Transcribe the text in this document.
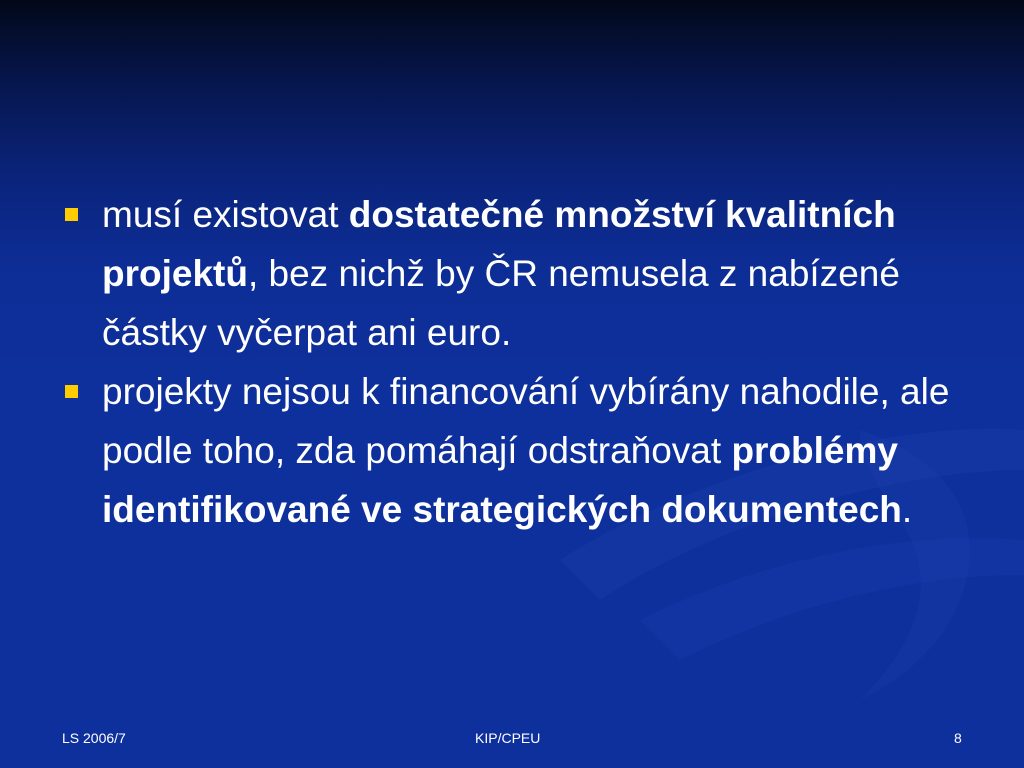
musí existovat dostatečné množství kvalitních projektů, bez nichž by ČR nemusela z nabízené částky vyčerpat ani euro.
projekty nejsou k financování vybírány nahodile, ale podle toho, zda pomáhají odstraňovat problémy identifikované ve strategických dokumentech.
LS 2006/7	KIP/CPEU	8
